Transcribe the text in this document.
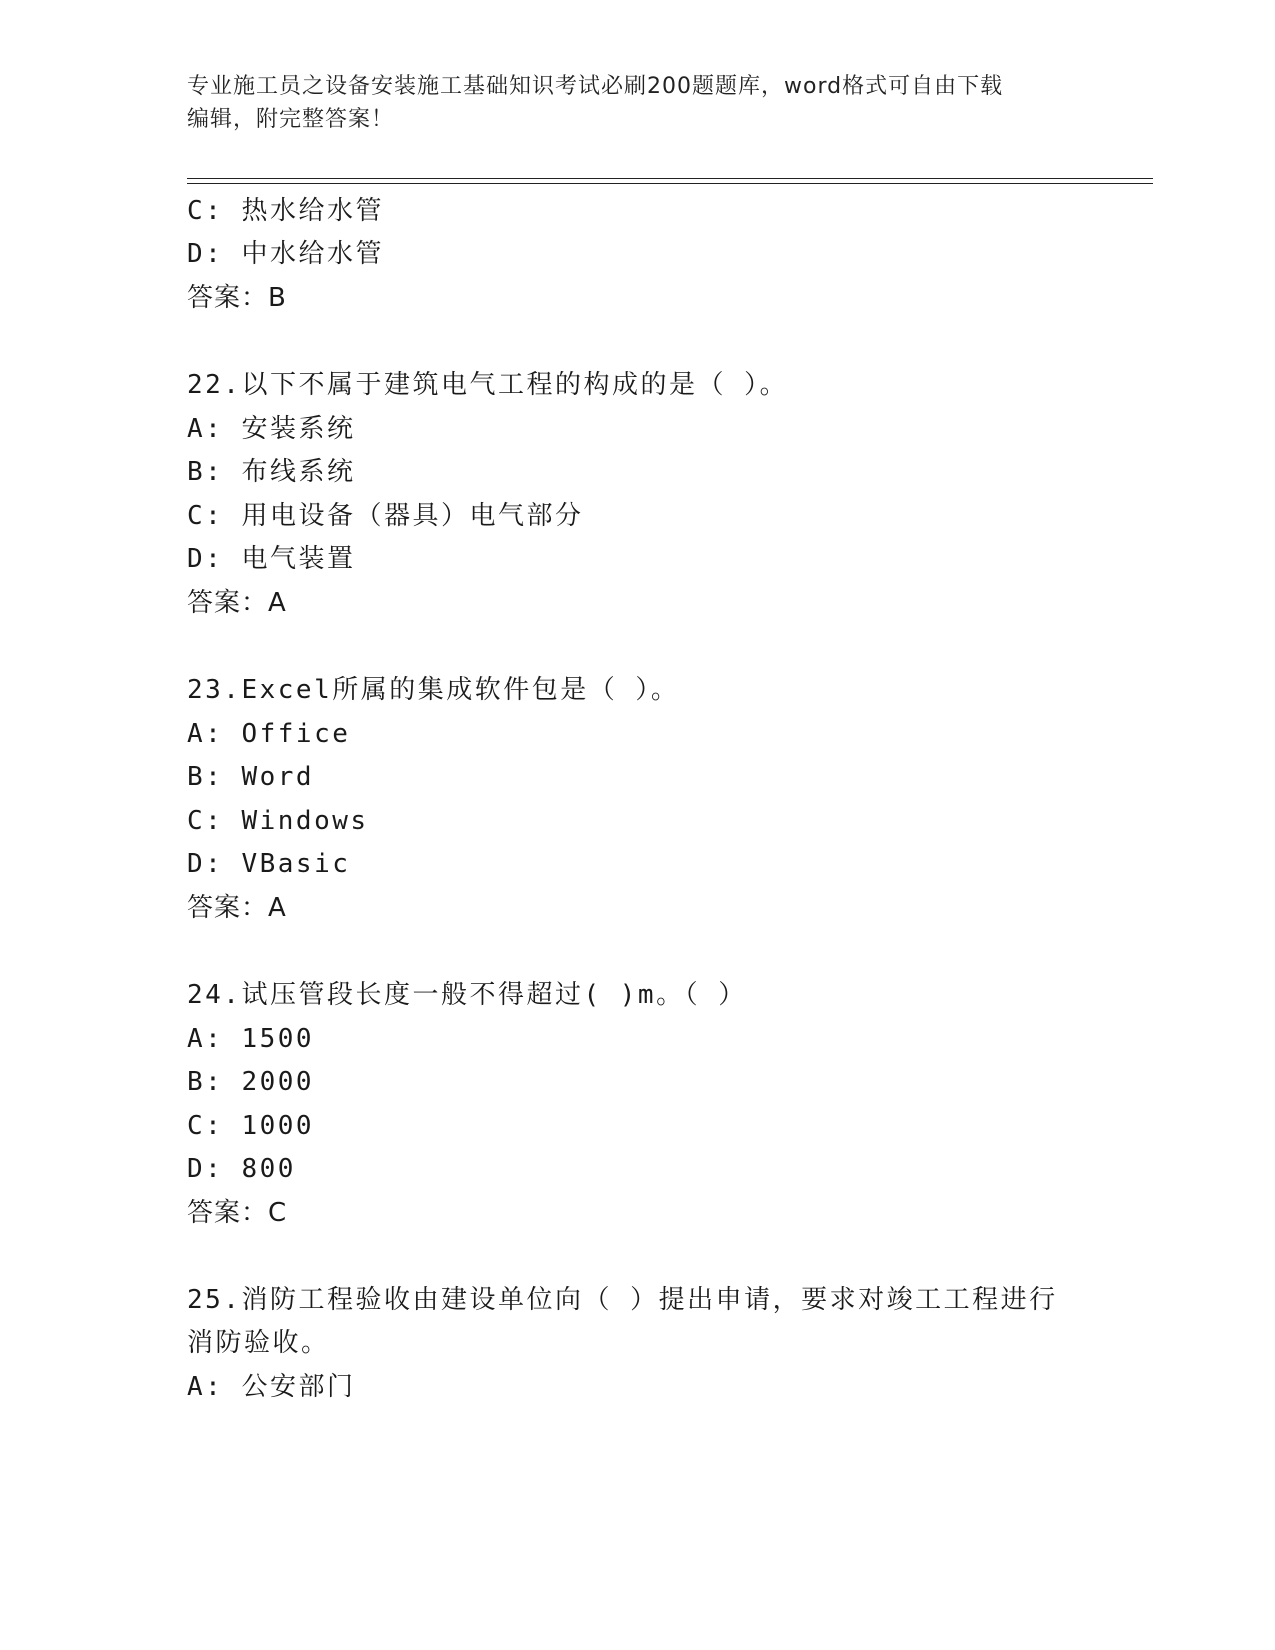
专业施工员之设备安装施工基础知识考试必刷200题题库，word格式可自由下载
编辑，附完整答案！
C: 热水给水管
D: 中水给水管
答案：B
22.以下不属于建筑电气工程的构成的是（ ）。
A: 安装系统
B: 布线系统
C: 用电设备（器具）电气部分
D: 电气装置
答案：A
23.Excel所属的集成软件包是（ ）。
A: Office
B: Word
C: Windows
D: VBasic
答案：A
24.试压管段长度一般不得超过( )m。（ ）
A: 1500
B: 2000
C: 1000
D: 800
答案：C
25.消防工程验收由建设单位向（ ）提出申请，要求对竣工工程进行
消防验收。
A: 公安部门
